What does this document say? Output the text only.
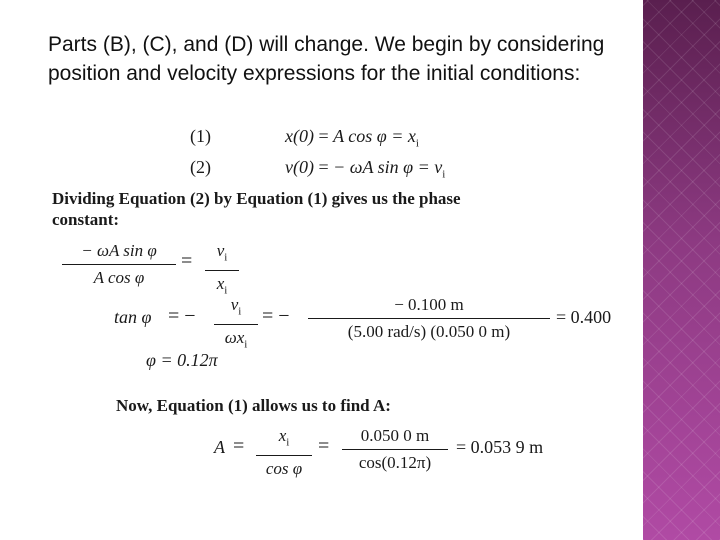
Parts (B), (C), and (D) will change. We begin by considering position and velocity expressions for the initial conditions:
(1)	x(0) = A $\cos \varphi = x_i$
(2)	v(0) = − ωA $\sin \varphi = v_i$
Dividing Equation (2) by Equation (1) gives us the phase
constant:
− ωA sin φ
A cos φ
=	$v_i$
$x_i$
tan φ = −
$v_i$
$\omega x_i$
= −
− 0.100 m
(5.00 rad/s) (0.050 0 m)
= 0.400
φ = 0.12π
Now, Equation (1) allows us to find A:
A =	$x_i$
cos φ
=	0.050 0 m
cos(0.12π)
= 0.053 9 m
